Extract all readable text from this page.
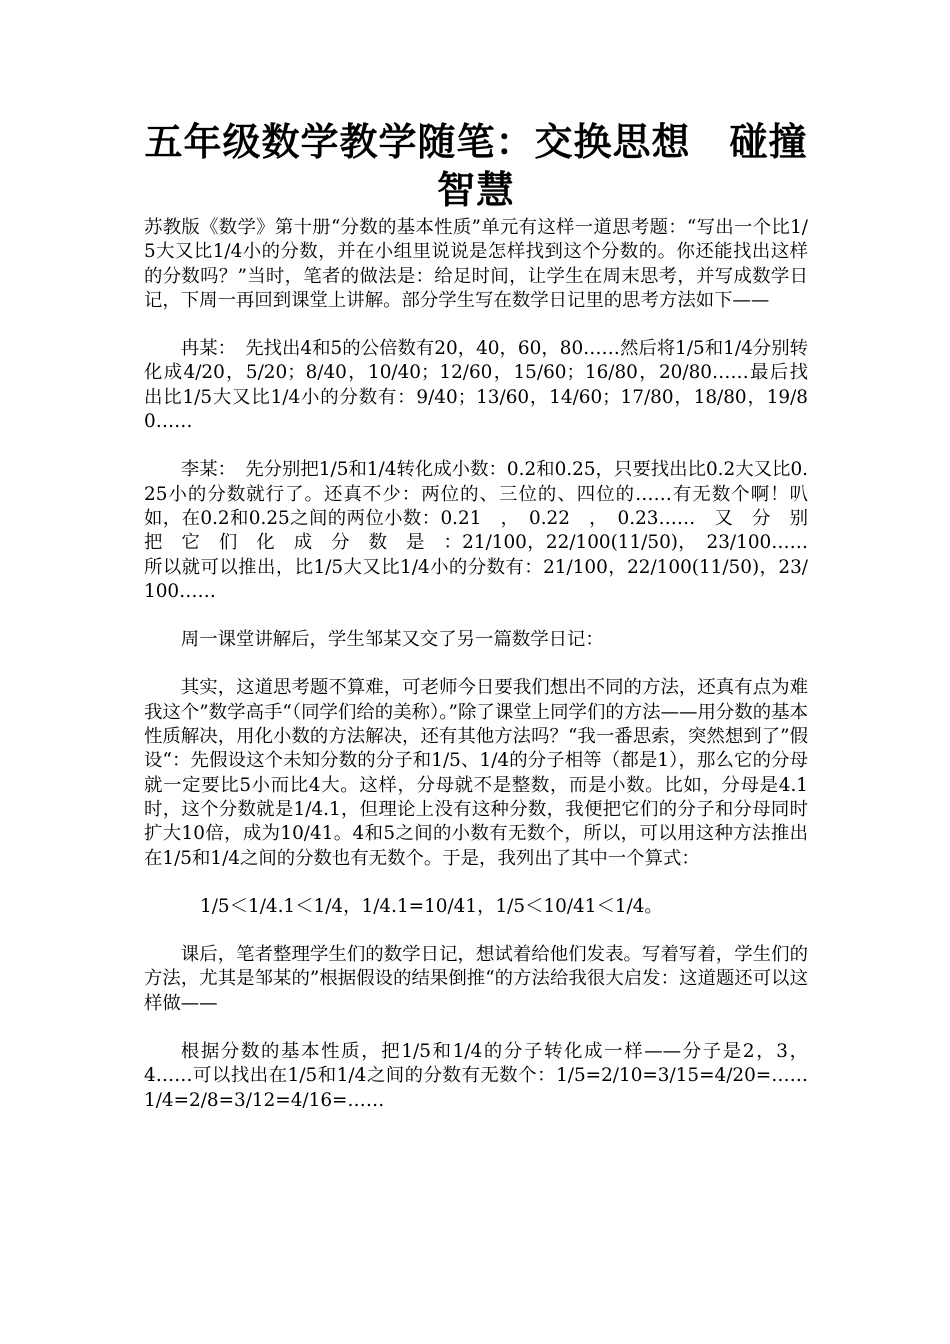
五年级数学教学随笔：交换思想　碰撞智慧

苏教版《数学》第十册“分数的基本性质”单元有这样一道思考题：“写出一个比1/5大又比1/4小的分数，并在小组里说说是怎样找到这个分数的。你还能找出这样的分数吗？”当时，笔者的做法是：给足时间，让学生在周末思考，并写成数学日记，下周一再回到课堂上讲解。部分学生写在数学日记里的思考方法如下——

冉某：　先找出4和5的公倍数有20，40，60，80……然后将1/5和1/4分别转化成4/20，5/20；8/40，10/40；12/60，15/60；16/80，20/80……最后找出比1/5大又比1/4小的分数有：9/40；13/60，14/60；17/80，18/80，19/80……

李某：　先分别把1/5和1/4转化成小数：0.2和0.25，只要找出比0.2大又比0.25小的分数就行了。还真不少：两位的、三位的、四位的……有无数个啊！叭如，在0.2和0.25之间的两位小数：0.21　，　0.22　，　0.23……　又　分　别　把　它　们　化　成　分　数　是　：21/100，22/100(11/50)，　23/100……所以就可以推出，比1/5大又比1/4小的分数有：21/100，22/100(11/50)，23/100……

周一课堂讲解后，学生邹某又交了另一篇数学日记：

其实，这道思考题不算难，可老师今日要我们想出不同的方法，还真有点为难我这个”数学高手“（同学们给的美称）。”除了课堂上同学们的方法——用分数的基本性质解决，用化小数的方法解决，还有其他方法吗？“我一番思索，突然想到了”假设“：先假设这个未知分数的分子和1/5、1/4的分子相等（都是1），那么它的分母就一定要比5小而比4大。这样，分母就不是整数，而是小数。比如，分母是4.1时，这个分数就是1/4.1，但理论上没有这种分数，我便把它们的分子和分母同时扩大10倍，成为10/41。4和5之间的小数有无数个，所以，可以用这种方法推出在1/5和1/4之间的分数也有无数个。于是，我列出了其中一个算式：

1/5＜1/4.1＜1/4，1/4.1=10/41，1/5＜10/41＜1/4。

课后，笔者整理学生们的数学日记，想试着给他们发表。写着写着，学生们的方法，尤其是邹某的”根据假设的结果倒推“的方法给我很大启发：这道题还可以这样做——

根据分数的基本性质，把1/5和1/4的分子转化成一样——分子是2，3，4……可以找出在1/5和1/4之间的分数有无数个：1/5=2/10=3/15=4/20=……1/4=2/8=3/12=4/16=……
